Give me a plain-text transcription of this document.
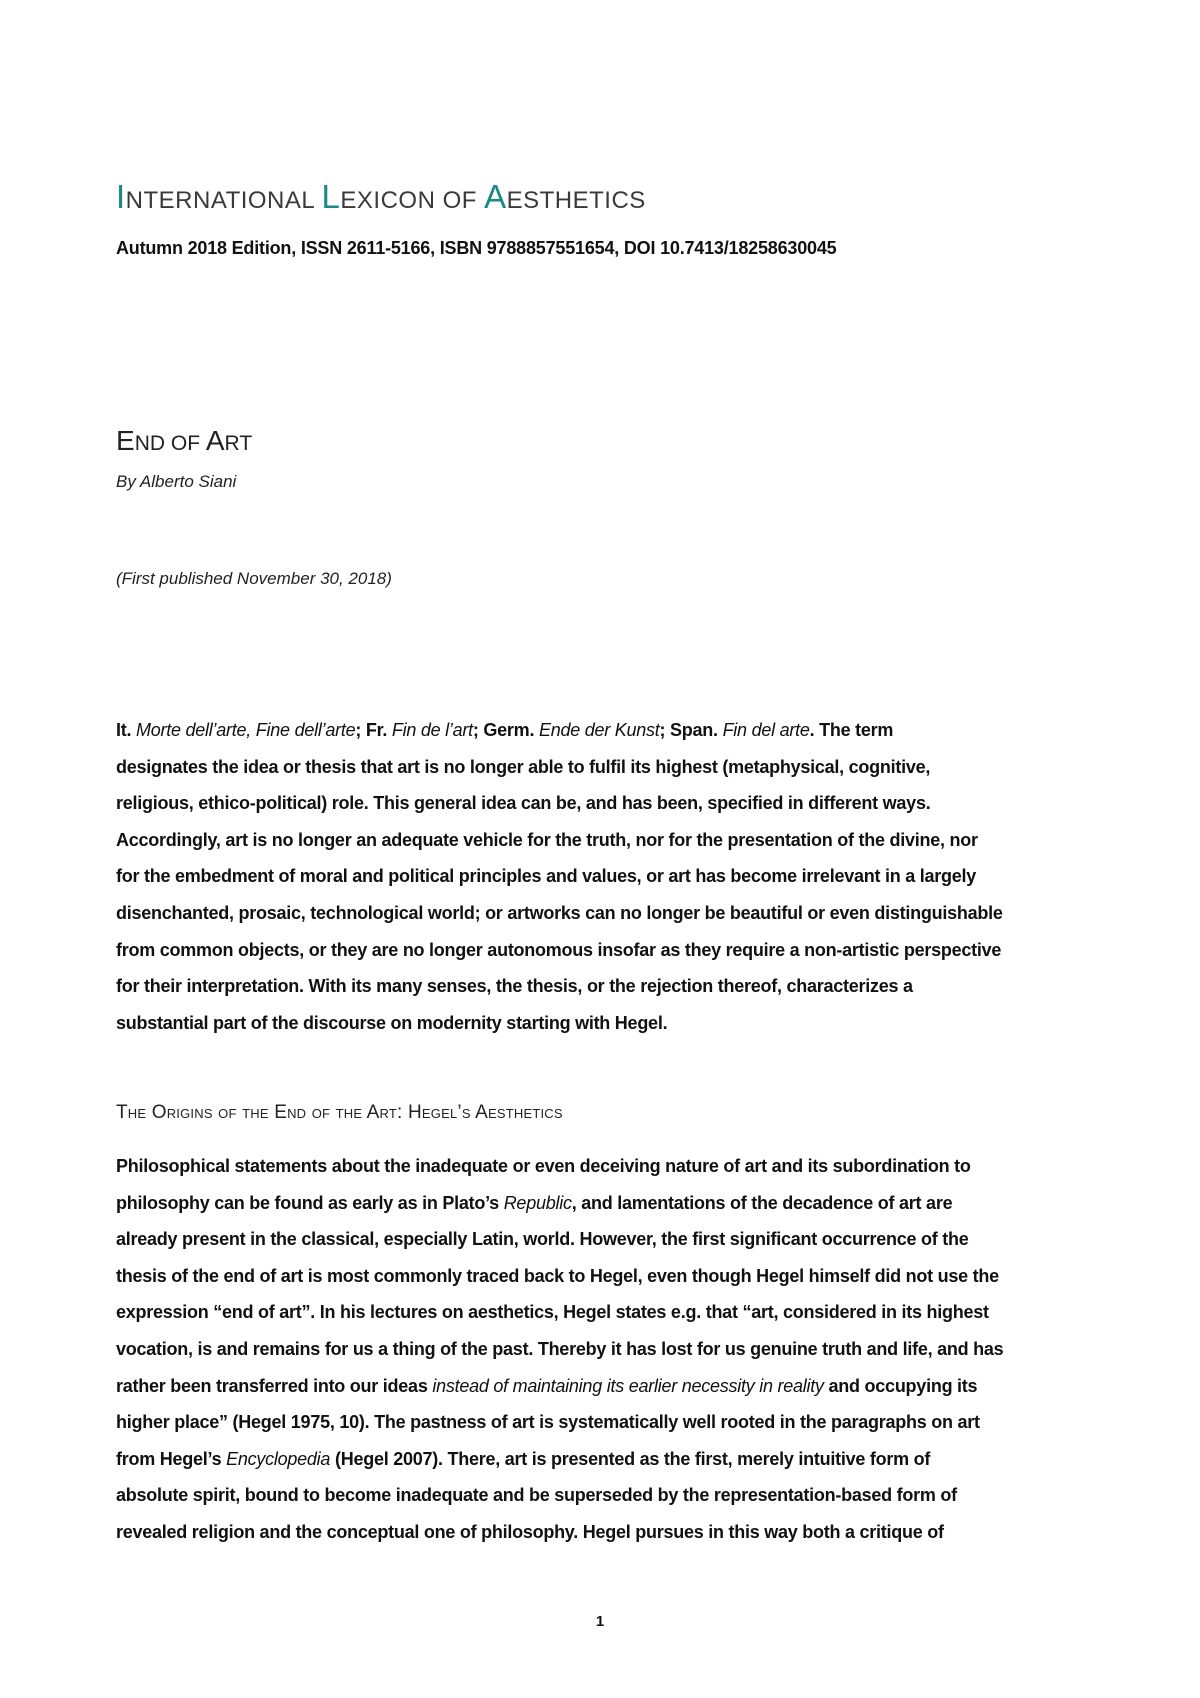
INTERNATIONAL LEXICON OF AESTHETICS
Autumn 2018 Edition, ISSN 2611-5166, ISBN 9788857551654, DOI 10.7413/18258630045
END OF ART
By Alberto Siani
(First published November 30, 2018)
It. Morte dell’arte, Fine dell’arte; Fr. Fin de l’art; Germ. Ende der Kunst; Span. Fin del arte. The term
designates the idea or thesis that art is no longer able to fulfil its highest (metaphysical, cognitive,
religious, ethico-political) role. This general idea can be, and has been, specified in different ways.
Accordingly, art is no longer an adequate vehicle for the truth, nor for the presentation of the divine, nor
for the embedment of moral and political principles and values, or art has become irrelevant in a largely
disenchanted, prosaic, technological world; or artworks can no longer be beautiful or even distinguishable
from common objects, or they are no longer autonomous insofar as they require a non-artistic perspective
for their interpretation. With its many senses, the thesis, or the rejection thereof, characterizes a
substantial part of the discourse on modernity starting with Hegel.
The Origins of the End of the Art: Hegel’s Aesthetics
Philosophical statements about the inadequate or even deceiving nature of art and its subordination to
philosophy can be found as early as in Plato’s Republic, and lamentations of the decadence of art are
already present in the classical, especially Latin, world. However, the first significant occurrence of the
thesis of the end of art is most commonly traced back to Hegel, even though Hegel himself did not use the
expression “end of art”. In his lectures on aesthetics, Hegel states e.g. that “art, considered in its highest
vocation, is and remains for us a thing of the past. Thereby it has lost for us genuine truth and life, and has
rather been transferred into our ideas instead of maintaining its earlier necessity in reality and occupying its
higher place” (Hegel 1975, 10). The pastness of art is systematically well rooted in the paragraphs on art
from Hegel’s Encyclopedia (Hegel 2007). There, art is presented as the first, merely intuitive form of
absolute spirit, bound to become inadequate and be superseded by the representation-based form of
revealed religion and the conceptual one of philosophy. Hegel pursues in this way both a critique of
1
